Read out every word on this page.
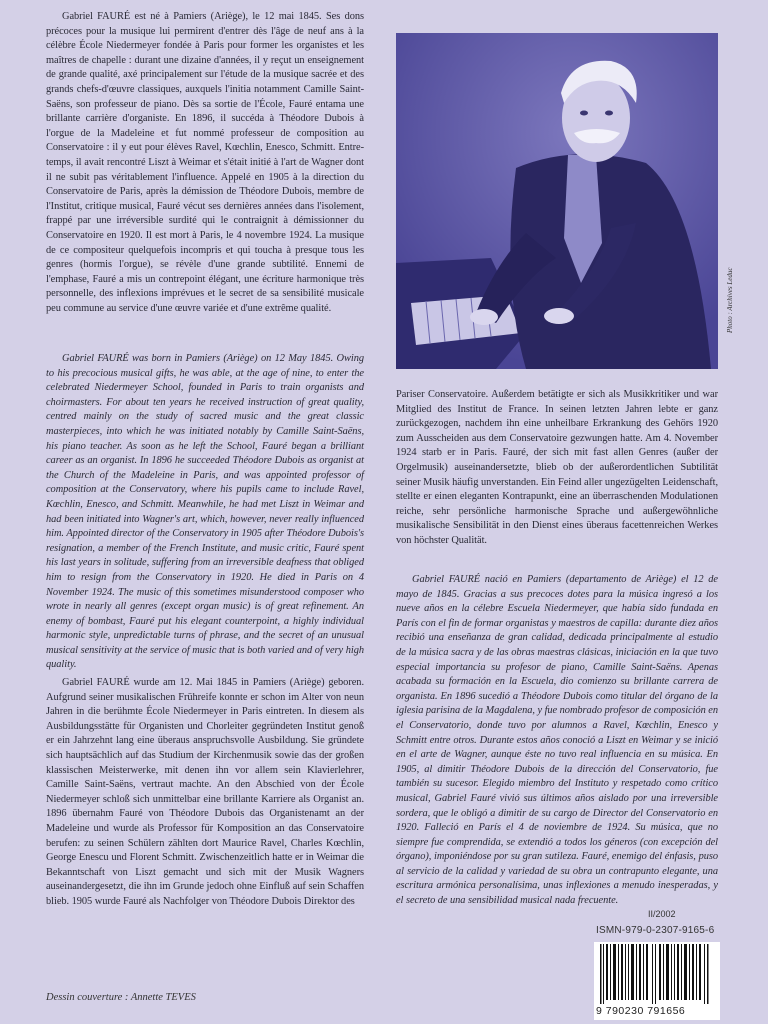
Gabriel FAURÉ est né à Pamiers (Ariège), le 12 mai 1845. Ses dons précoces pour la musique lui permirent d'entrer dès l'âge de neuf ans à la célèbre École Niedermeyer fondée à Paris pour former les organistes et les maîtres de chapelle : durant une dizaine d'années, il y reçut un enseignement de grande qualité, axé principalement sur l'étude de la musique sacrée et des grands chefs-d'œuvre classiques, auxquels l'initia notamment Camille Saint-Saëns, son professeur de piano. Dès sa sortie de l'École, Fauré entama une brillante carrière d'organiste. En 1896, il succéda à Théodore Dubois à l'orgue de la Madeleine et fut nommé professeur de composition au Conservatoire : il y eut pour élèves Ravel, Kœchlin, Enesco, Schmitt. Entre-temps, il avait rencontré Liszt à Weimar et s'était initié à l'art de Wagner dont il ne subit pas véritablement l'influence. Appelé en 1905 à la direction du Conservatoire de Paris, après la démission de Théodore Dubois, membre de l'Institut, critique musical, Fauré vécut ses dernières années dans l'isolement, frappé par une irréversible surdité qui le contraignit à démissionner du Conservatoire en 1920. Il est mort à Paris, le 4 novembre 1924. La musique de ce compositeur quelquefois incompris et qui toucha à presque tous les genres (hormis l'orgue), se révèle d'une grande subtilité. Ennemi de l'emphase, Fauré a mis un contrepoint élégant, une écriture harmonique très personnelle, des inflexions imprévues et le secret de sa sensibilité musicale peu commune au service d'une œuvre variée et d'une extrême qualité.

Gabriel FAURÉ was born in Pamiers (Ariège) on 12 May 1845. Owing to his precocious musical gifts, he was able, at the age of nine, to enter the celebrated Niedermeyer School, founded in Paris to train organists and choirmasters. For about ten years he received instruction of great quality, centred mainly on the study of sacred music and the great classic masterpieces, into which he was initiated notably by Camille Saint-Saëns, his piano teacher. As soon as he left the School, Fauré began a brilliant career as an organist. In 1896 he succeeded Théodore Dubois as organist at the Church of the Madeleine in Paris, and was appointed professor of composition at the Conservatory, where his pupils came to include Ravel, Kœchlin, Enesco, and Schmitt. Meanwhile, he had met Liszt in Weimar and had been initiated into Wagner's art, which, however, never really influenced him. Appointed director of the Conservatory in 1905 after Théodore Dubois's resignation, a member of the French Institute, and music critic, Fauré spent his last years in solitude, suffering from an irreversible deafness that obliged him to resign from the Conservatory in 1920. He died in Paris on 4 November 1924. The music of this sometimes misunderstood composer who wrote in nearly all genres (except organ music) is of great refinement. An enemy of bombast, Fauré put his elegant counterpoint, a highly individual harmonic style, unpredictable turns of phrase, and the secret of an unusual musical sensitivity at the service of music that is both varied and of very high quality.

Gabriel FAURÉ wurde am 12. Mai 1845 in Pamiers (Ariège) geboren. Aufgrund seiner musikalischen Frühreife konnte er schon im Alter von neun Jahren in die berühmte École Niedermeyer in Paris eintreten. In diesem als Ausbildungsstätte für Organisten und Chorleiter gegründeten Institut genoß er ein Jahrzehnt lang eine überaus anspruchsvolle Ausbildung. Sie gründete sich hauptsächlich auf das Studium der Kirchenmusik sowie das der großen klassischen Meisterwerke, mit denen ihn vor allem sein Klavierlehrer, Camille Saint-Saëns, vertraut machte. An den Abschied von der École Niedermeyer schloß sich unmittelbar eine brillante Karriere als Organist an. 1896 übernahm Fauré von Théodore Dubois das Organistenamt an der Madeleine und wurde als Professor für Komposition an das Conservatoire berufen: zu seinen Schülern zählten dort Maurice Ravel, Charles Kœchlin, George Enescu und Florent Schmitt. Zwischenzeitlich hatte er in Weimar die Bekanntschaft von Liszt gemacht und sich mit der Musik Wagners auseinandergesetzt, die ihn im Grunde jedoch ohne Einfluß auf sein Schaffen blieb. 1905 wurde Fauré als Nachfolger von Théodore Dubois Direktor des

Photo : Archives Leduc

Pariser Conservatoire. Außerdem betätigte er sich als Musikkritiker und war Mitglied des Institut de France. In seinen letzten Jahren lebte er ganz zurückgezogen, nachdem ihn eine unheilbare Erkrankung des Gehörs 1920 zum Ausscheiden aus dem Conservatoire gezwungen hatte. Am 4. November 1924 starb er in Paris. Fauré, der sich mit fast allen Genres (außer der Orgelmusik) auseinandersetzte, blieb ob der außerordentlichen Subtilität seiner Musik häufig unverstanden. Ein Feind aller ungezügelten Leidenschaft, stellte er einen eleganten Kontrapunkt, eine an überraschenden Modulationen reiche, sehr persönliche harmonische Sprache und außergewöhnliche musikalische Sensibilität in den Dienst eines überaus facettenreichen Werkes von höchster Qualität.

Gabriel FAURÉ nació en Pamiers (departamento de Ariège) el 12 de mayo de 1845. Gracias a sus precoces dotes para la música ingresó a los nueve años en la célebre Escuela Niedermeyer, que había sido fundada en París con el fin de formar organistas y maestros de capilla: durante diez años recibió una enseñanza de gran calidad, dedicada principalmente al estudio de la música sacra y de las obras maestras clásicas, iniciación en la que tuvo especial importancia su profesor de piano, Camille Saint-Saëns. Apenas acabada su formación en la Escuela, dio comienzo su brillante carrera de organista. En 1896 sucedió a Théodore Dubois como titular del órgano de la iglesia parisina de la Magdalena, y fue nombrado profesor de composición en el Conservatorio, donde tuvo por alumnos a Ravel, Kœchlin, Enesco y Schmitt entre otros. Durante estos años conoció a Liszt en Weimar y se inició en el arte de Wagner, aunque éste no tuvo real influencia en su música. En 1905, al dimitir Théodore Dubois de la dirección del Conservatorio, fue también su sucesor. Elegido miembro del Instituto y respetado como crítico musical, Gabriel Fauré vivió sus últimos años aislado por una irreversible sordera, que le obligó a dimitir de su cargo de Director del Conservatorio en 1920. Falleció en París el 4 de noviembre de 1924. Su música, que no siempre fue comprendida, se extendió a todos los géneros (con excepción del órgano), imponiéndose por su gran sutileza. Fauré, enemigo del énfasis, puso al servicio de la calidad y variedad de su obra un contrapunto elegante, una escritura armónica personalísima, unas inflexiones a menudo inesperadas, y el secreto de una sensibilidad musical nada frecuente.

II/2002
ISMN-979-0-2307-9165-6
9 790230 791656
Dessin couverture : Annette TEVES
